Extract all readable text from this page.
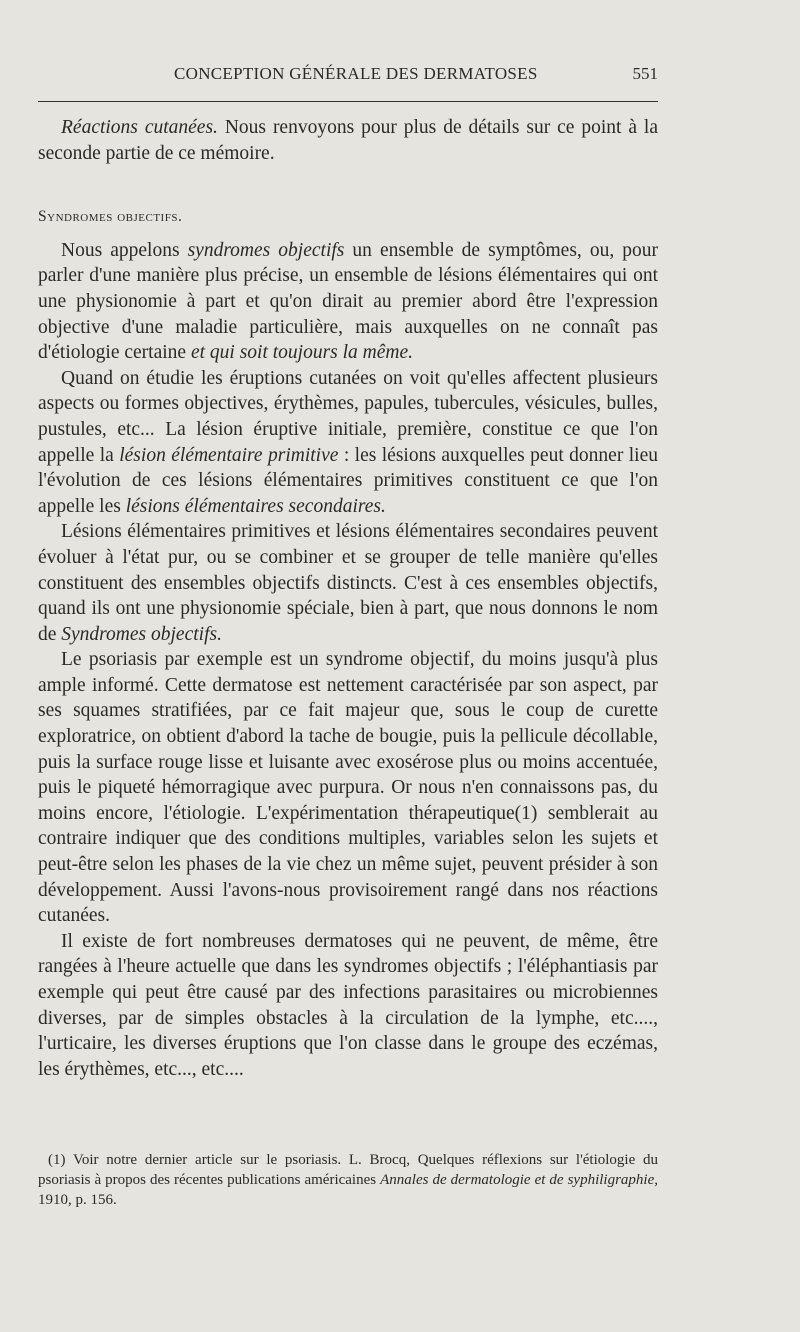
CONCEPTION GÉNÉRALE DES DERMATOSES	551

Réactions cutanées. Nous renvoyons pour plus de détails sur ce point à la seconde partie de ce mémoire.

Syndromes objectifs.

Nous appelons syndromes objectifs un ensemble de symptômes, ou, pour parler d'une manière plus précise, un ensemble de lésions élémentaires qui ont une physionomie à part et qu'on dirait au premier abord être l'expression objective d'une maladie particulière, mais auxquelles on ne connaît pas d'étiologie certaine et qui soit toujours la même.

Quand on étudie les éruptions cutanées on voit qu'elles affectent plusieurs aspects ou formes objectives, érythèmes, papules, tubercules, vésicules, bulles, pustules, etc... La lésion éruptive initiale, première, constitue ce que l'on appelle la lésion élémentaire primitive : les lésions auxquelles peut donner lieu l'évolution de ces lésions élémentaires primitives constituent ce que l'on appelle les lésions élémentaires secondaires.

Lésions élémentaires primitives et lésions élémentaires secondaires peuvent évoluer à l'état pur, ou se combiner et se grouper de telle manière qu'elles constituent des ensembles objectifs distincts. C'est à ces ensembles objectifs, quand ils ont une physionomie spéciale, bien à part, que nous donnons le nom de Syndromes objectifs.

Le psoriasis par exemple est un syndrome objectif, du moins jusqu'à plus ample informé. Cette dermatose est nettement caractérisée par son aspect, par ses squames stratifiées, par ce fait majeur que, sous le coup de curette exploratrice, on obtient d'abord la tache de bougie, puis la pellicule décollable, puis la surface rouge lisse et luisante avec exosérose plus ou moins accentuée, puis le piqueté hémorragique avec purpura. Or nous n'en connaissons pas, du moins encore, l'étiologie. L'expérimentation thérapeutique(1) semblerait au contraire indiquer que des conditions multiples, variables selon les sujets et peut-être selon les phases de la vie chez un même sujet, peuvent présider à son développement. Aussi l'avons-nous provisoirement rangé dans nos réactions cutanées.

Il existe de fort nombreuses dermatoses qui ne peuvent, de même, être rangées à l'heure actuelle que dans les syndromes objectifs ; l'éléphantiasis par exemple qui peut être causé par des infections parasitaires ou microbiennes diverses, par de simples obstacles à la circulation de la lymphe, etc...., l'urticaire, les diverses éruptions que l'on classe dans le groupe des eczémas, les érythèmes, etc..., etc....

(1) Voir notre dernier article sur le psoriasis. L. Brocq, Quelques réflexions sur l'étiologie du psoriasis à propos des récentes publications américaines Annales de dermatologie et de syphiligraphie, 1910, p. 156.
